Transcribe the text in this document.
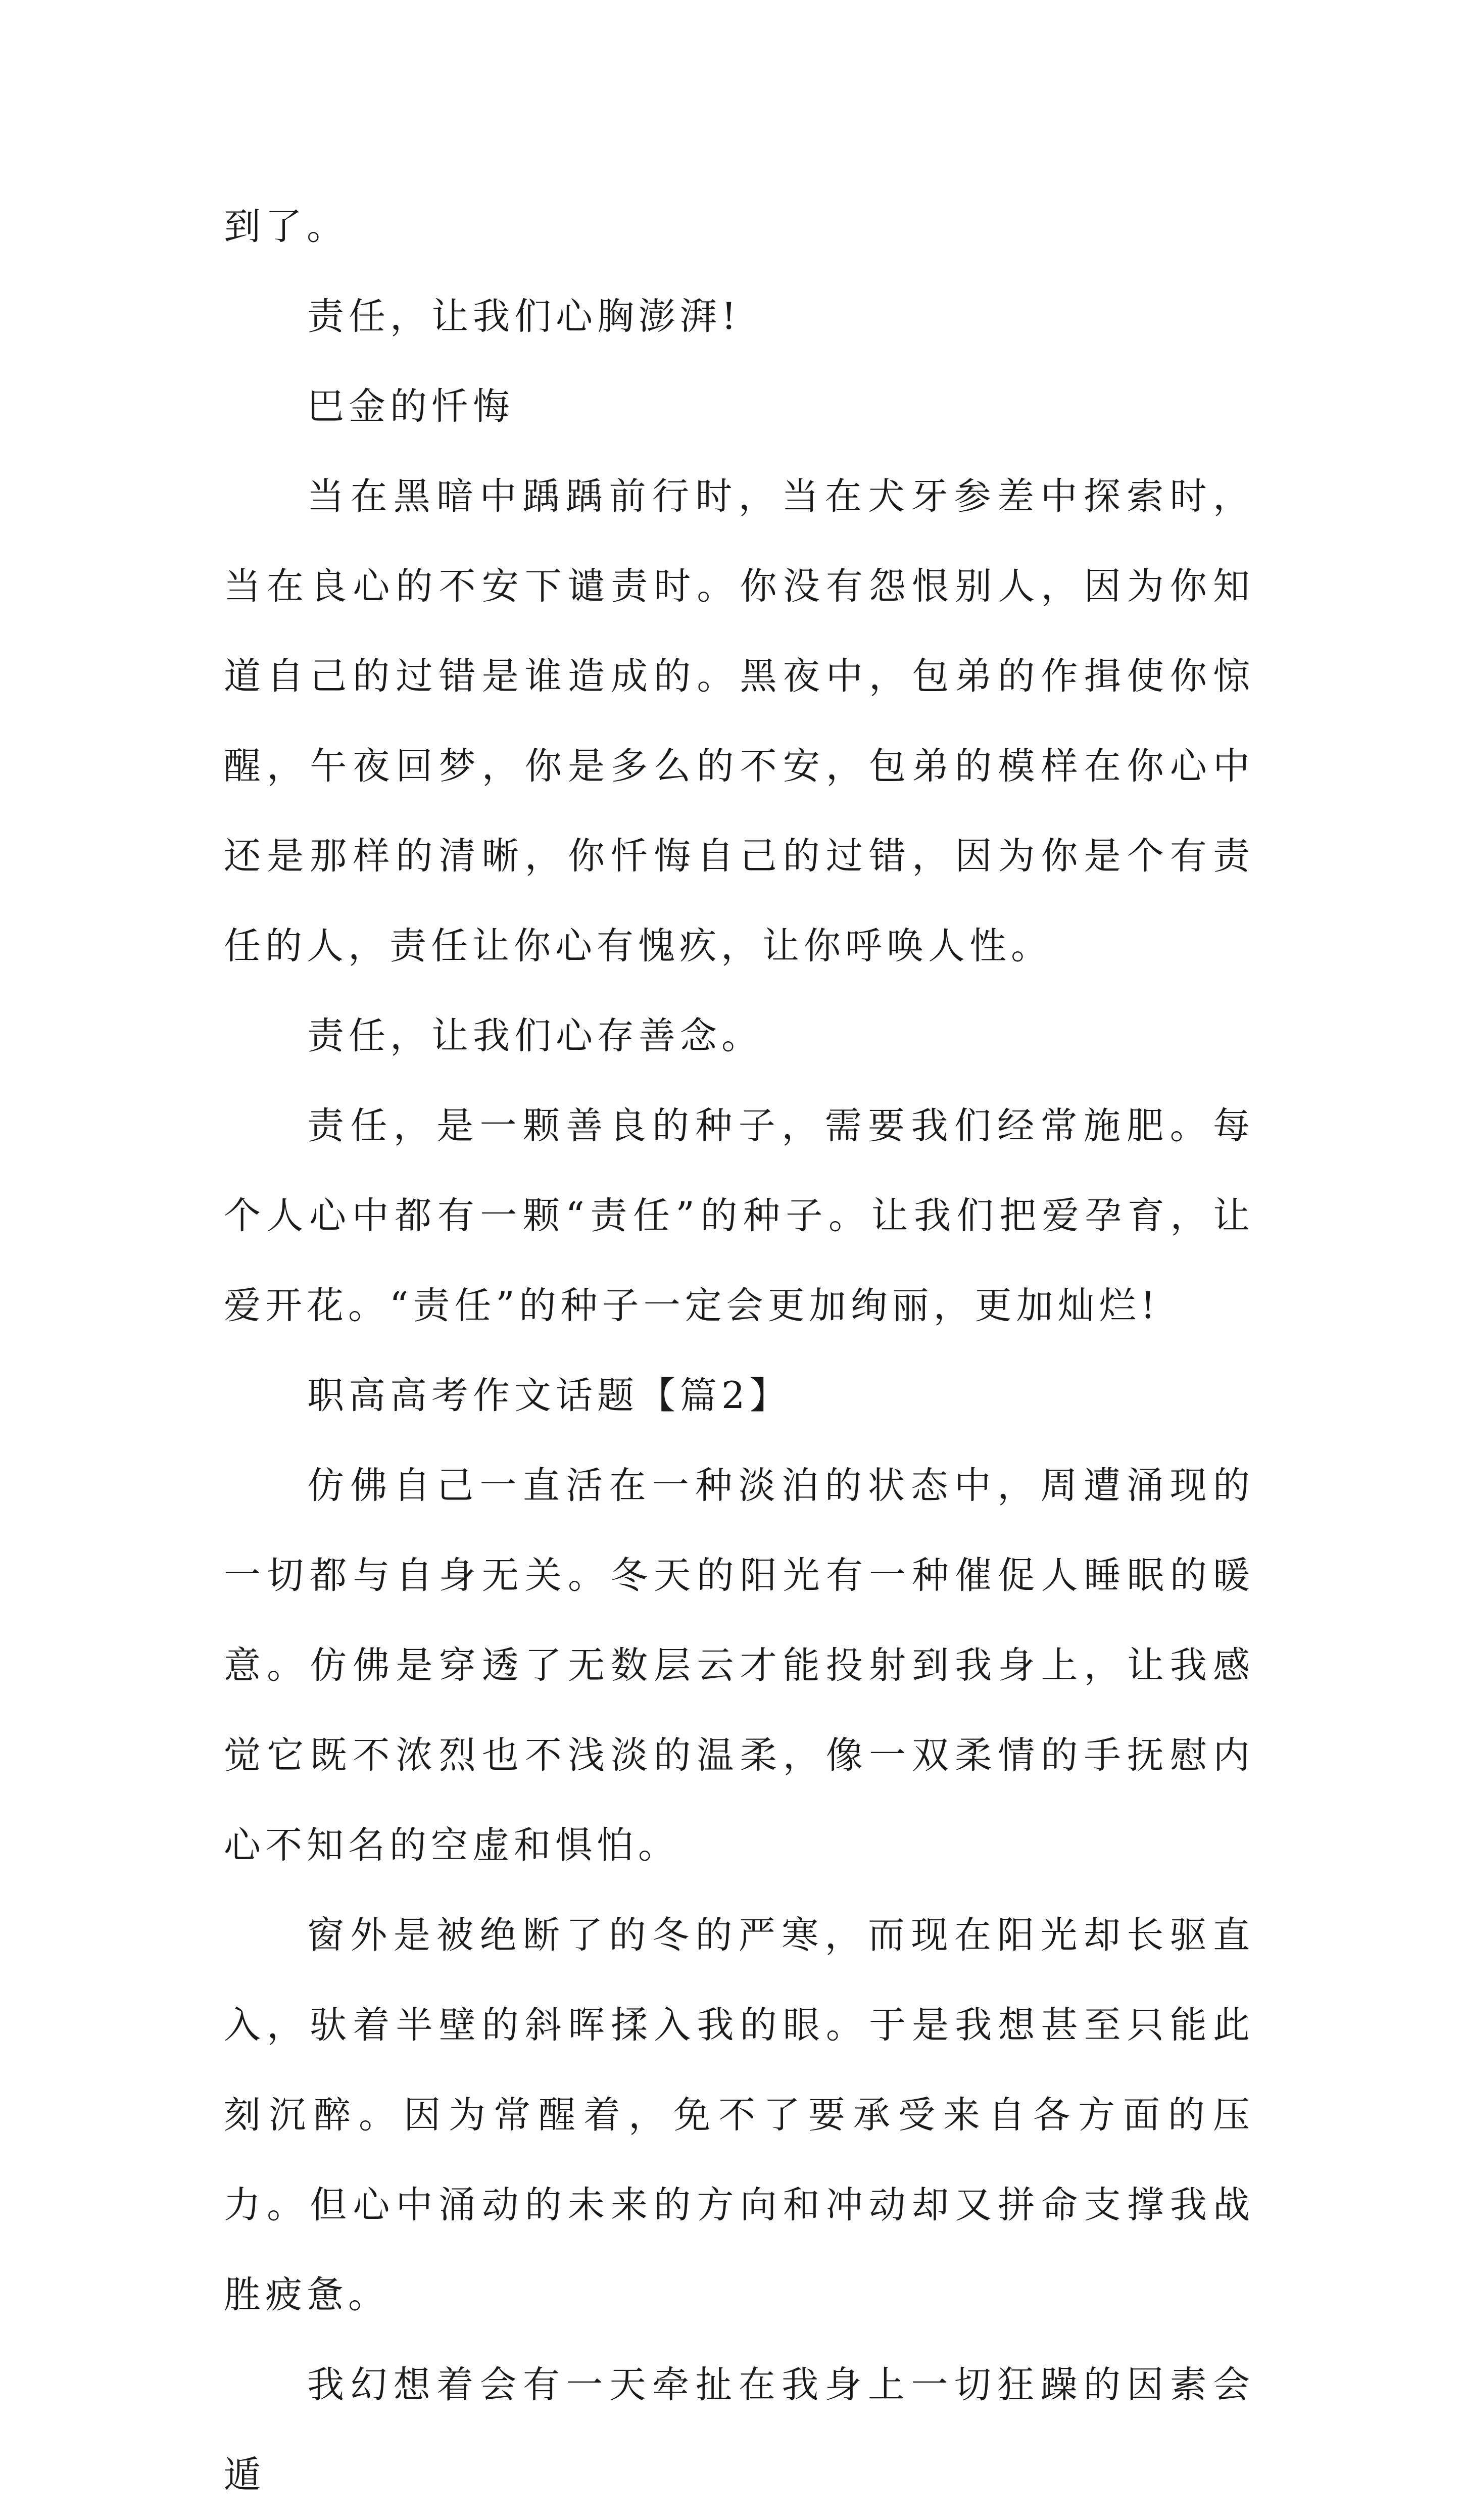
到了。

责任，让我们心胸澎湃!

巴金的忏悔

当在黑暗中踽踽前行时，当在犬牙参差中探索时，当在良心的不安下谴责时。你没有怨恨别人，因为你知道自己的过错是谁造成的。黑夜中，包弟的作揖使你惊醒，午夜回梦，你是多么的不安，包弟的模样在你心中还是那样的清晰，你忏悔自己的过错，因为你是个有责任的人，责任让你心有愧疚，让你呼唤人性。

责任，让我们心存善念。

责任，是一颗善良的种子，需要我们经常施肥。每个人心中都有一颗“责任”的种子。让我们把爱孕育，让爱开花。“责任”的种子一定会更加绚丽，更加灿烂!

职高高考作文话题【篇2】

仿佛自己一直活在一种淡泊的状态中，周遭涌现的一切都与自身无关。冬天的阳光有一种催促人睡眠的暖意。仿佛是穿透了无数层云才能投射到我身上，让我感觉它既不浓烈也不浅淡的温柔，像一双柔情的手抚慰内心不知名的空虚和惧怕。

窗外是被绝断了的冬的严寒，而现在阳光却长驱直入，驮着半壁的斜晖揉入我的眼。于是我想甚至只能此刻沉醉。因为常醒着，免不了要承受来自各方面的压力。但心中涌动的未来的方向和冲动却又拼命支撑我战胜疲惫。

我幻想着会有一天牵扯在我身上一切狂躁的因素会遁
